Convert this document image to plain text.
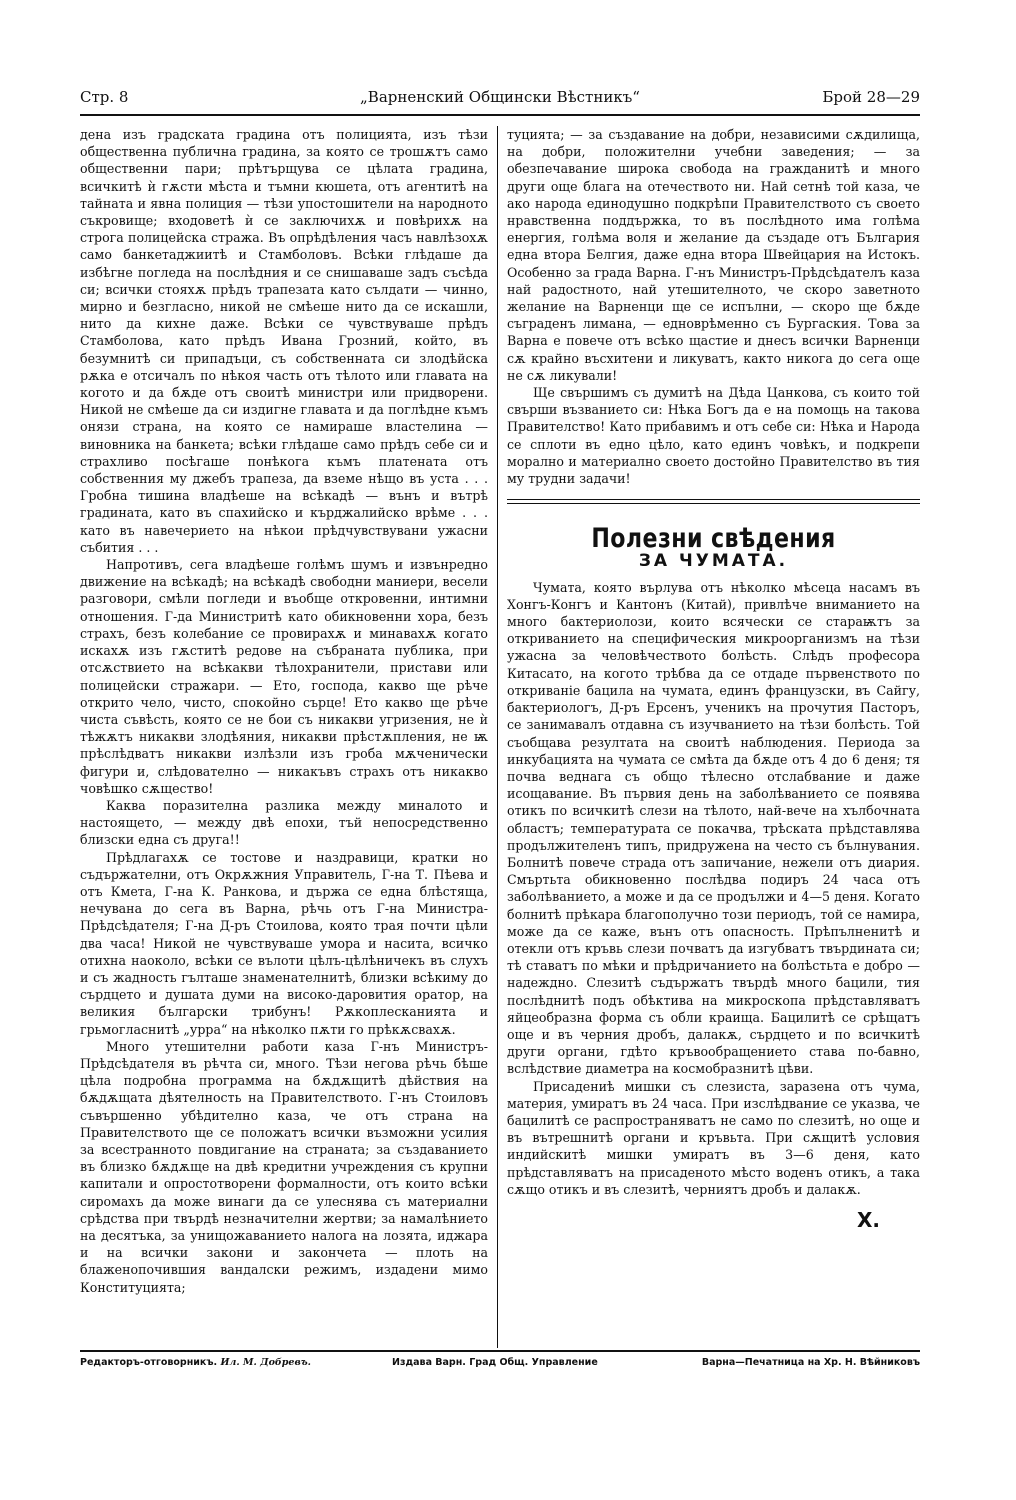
Стр. 8	„Варненский Общински Вѣстникъ“	Брой 28—29

дена изъ градската градина отъ полицията, изъ тѣзи общественна публична градина, за която се трошѫтъ само общественни пари; прѣтърщува се цѣлата градина, всичкитѣ ѝ гѫсти мѣста и тъмни кюшета, отъ агентитѣ на тайната и явна полиция — тѣзи упостошители на народното съкровище; входоветѣ ѝ се заключихѫ и повѣрихѫ на строга полицейска стража. Въ опрѣдѣления часъ навлѣзохѫ само банкетаджиитѣ и Стамболовъ. Всѣки глѣдаше да избѣгне погледа на послѣдния и се снишаваше задъ съсѣда си; всички стояхѫ прѣдъ трапезата като сълдати — чинно, мирно и безгласно, никой не смѣеше нито да се искашли, нито да кихне даже. Всѣки се чувствуваше прѣдъ Стамболова, като прѣдъ Ивана Грозний, който, въ безумнитѣ си припадъци, съ собственната си злодѣйска рѫка е отсичалъ по нѣкоя часть отъ тѣлото или главата на когото и да бѫде отъ своитѣ министри или придворени. Никой не смѣеше да си издигне главата и да поглѣдне къмъ онязи страна, на която се намираше властелина — виновника на банкета; всѣки глѣдаше само прѣдъ себе си и страхливо посѣгаше понѣкога къмъ платената отъ собственния му джебъ трапеза, да вземе нѣщо въ уста . . . Гробна тишина владѣеше на всѣкадѣ — вънъ и вътрѣ градината, като въ спахийско и кърджалийско врѣме . . . като въ навечерието на нѣкои прѣдчувствувани ужасни събития . . .

Напротивъ, сега владѣеше голѣмъ шумъ и извънредно движение на всѣкадѣ; на всѣкадѣ свободни маниери, весели разговори, смѣли погледи и въобще откровенни, интимни отношения. Г-да Министритѣ като обикновенни хора, безъ страхъ, безъ колебание се провирахѫ и минавахѫ когато искахѫ изъ гѫститѣ редове на събраната публика, при отсѫствието на всѣкакви тѣлохранители, пристави или полицейски стражари. — Ето, господа, какво ще рѣче открито чело, чисто, спокойно сърце! Ето какво ще рѣче чиста съвѣсть, която се не бои съ никакви угризения, не ѝ тѣжѫтъ никакви злодѣяния, никакви прѣстѫпления, не ѭ прѣслѣдватъ никакви излѣзли изъ гроба мѫченически фигури и, слѣдователно — никакъвъ страхъ отъ никакво човѣшко сѫщество!

Каква поразителна разлика между миналото и настоящето, — между двѣ епохи, тъй непосредственно близски една съ друга!!

Прѣдлагахѫ се тостове и наздравици, кратки но съдържателни, отъ Окрѫжния Управитель, Г-на Т. Пѣева и отъ Кмета, Г-на К. Ранкова, и държа се една блѣстяща, нечувана до сега въ Варна, рѣчь отъ Г-на Министра-Прѣдсѣдателя; Г-на Д-ръ Стоилова, която трая почти цѣли два часа! Никой не чувствуваше умора и насита, всичко отихна наоколо, всѣки се вълоти цѣлъ-цѣлѣничекъ въ слухъ и съ жадность гълташе знаменателнитѣ, близки всѣкиму до сърдцето и душата думи на високо-даровития оратор, на великия български трибунъ! Рѫкоплесканията и грьмогласнитѣ „урра“ на нѣколко пѫти го прѣкѫсвахѫ.

Много утешителни работи каза Г-нъ Министръ-Прѣдсѣдателя въ рѣчта си, много. Тѣзи негова рѣчь бѣше цѣла подробна программа на бѫдѫщитѣ дѣйствия на бѫдѫщата дѣятелность на Правителството. Г-нъ Стоиловъ съвършенно убѣдително каза, че отъ страна на Правителството ще се положатъ всички възможни усилия за всестранното повдигание на страната; за създаванието въ близко бѫдѫще на двѣ кредитни учреждения съ крупни капитали и опростотворени формалности, отъ които всѣки сиромахъ да може винаги да се улеснява съ материални срѣдства при твърдѣ незначителни жертви; за намалѣнието на десятъка, за унищожаванието налога на лозята, иджара и на всички закони и закончета — плоть на блаженопочившия вандалски режимъ, издадени мимо Конституцията;

туцията; — за създавание на добри, независими сѫдилища, на добри, положителни учебни заведения; — за обезпечавание широка свобода на гражданитѣ и много други още блага на отечеството ни. Най сетнѣ той каза, че ако народа единодушно подкрѣпи Правителството съ своето нравственна поддържка, то въ послѣдното има голѣма енергия, голѣма воля и желание да създаде отъ България една втора Белгия, даже една втора Швейцария на Истокъ. Особенно за града Варна. Г-нъ Министръ-Прѣдсѣдателъ каза най радостното, най утешителното, че скоро заветното желание на Варненци ще се испълни, — скоро ще бѫде съграденъ лимана, — едноврѣменно съ Бургаския. Това за Варна е повече отъ всѣко щастие и днесъ всички Варненци сѫ крайно въсхитени и ликуватъ, както никога до сега още не сѫ ликували!

Ще свършимъ съ думитѣ на Дѣда Цанкова, съ които той свърши възванието си: Нѣка Богъ да е на помощь на такова Правителство! Като прибавимъ и отъ себе си: Нѣка и Народа се сплоти въ едно цѣло, като единъ човѣкъ, и подкрепи морално и материално своето достойно Правителство въ тия му трудни задачи!

Полезни свѣдения
ЗА ЧУМАТА.

Чумата, която върлува отъ нѣколко мѣсеца насамъ въ Хонгъ-Конгъ и Кантонъ (Китай), привлѣче вниманието на много бактериолози, които всячески се стараѭтъ за откриванието на специфическия микроорганизмъ на тѣзи ужасна за человѣчеството болѣсть. Слѣдъ профеcора Китасато, на когото трѣбва да се отдаде първенството по откриванiе бацила на чумата, единъ французски, въ Сайгу, бактериологъ, Д-ръ Ерсенъ, ученикъ на прочутия Пасторъ, се занимавалъ отдавна съ изучванието на тѣзи болѣсть. Той съобщава резултата на своитѣ наблюдения. Периода за инкубацията на чумата се смѣта да бѫде отъ 4 до 6 деня; тя почва веднага съ общо тѣлесно отслабвание и даже исощавание. Въ първия день на заболѣванието се появява отикъ по всичкитѣ слези на тѣлото, най-вече на хълбочната областъ; температурата се покачва, трѣската прѣдставлява продължителенъ типъ, придружена на често съ бълнувания. Болнитѣ повече страда отъ запичание, нежели отъ диария. Смъртьта обикновенно послѣдва подиръ 24 часа отъ заболѣванието, а може и да се продължи и 4—5 деня. Когато болнитѣ прѣкара благополучно този периодъ, той се намира, може да се каже, вънъ отъ опасность. Прѣпълненитѣ и отекли отъ кръвь слези почватъ да изгубватъ твърдината си; тѣ ставатъ по мѣки и прѣдричанието на болѣстьта е добро — надеждно. Слезитѣ съдържатъ твърдѣ много бацили, тия послѣднитѣ подъ обѣктива на микроскопа прѣдставляватъ яйцеобразна форма съ обли краища. Бацилитѣ се срѣщатъ още и въ черния дробъ, далакѫ, сърдцето и по всичкитѣ други органи, гдѣто кръвообращението става по-бавно, вслѣдствие диаметра на космобразнитѣ цѣви.

Присадениѣ мишки съ слезиста, заразена отъ чума, материя, умиратъ въ 24 часа. При изслѣдвание се указва, че бацилитѣ се распространяватъ не само по слезитѣ, но още и въ вътрешнитѣ органи и кръвьта. При сѫщитѣ условия индийскитѣ мишки умиратъ въ 3—6 деня, като прѣдставляватъ на присаденото мѣсто воденъ отикъ, а така сѫщо отикъ и въ слезитѣ, черниятъ дробъ и далакѫ.

X.
Редакторъ-отговорникъ. Ил. М. Добревъ.	Издава Варн. Град Общ. Управление	Варна—Печатница на Хр. Н. Вѣйниковъ
